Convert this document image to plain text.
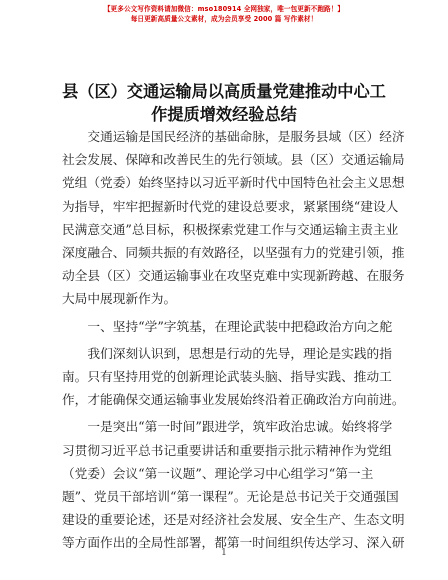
【更多公文写作资料请加微信：mso180914 全网独家，唯一包更新不跑路！】
每日更新高质量公文素材，成为会员享受 2000 篇 写作素材！
县（区）交通运输局以高质量党建推动中心工
作提质增效经验总结
交通运输是国民经济的基础命脉，是服务县域（区）经济
社会发展、保障和改善民生的先行领域。县（区）交通运输局
党组（党委）始终坚持以习近平新时代中国特色社会主义思想
为指导，牢牢把握新时代党的建设总要求，紧紧围绕“建设人
民满意交通”总目标，积极探索党建工作与交通运输主责主业
深度融合、同频共振的有效路径，以坚强有力的党建引领，推
动全县（区）交通运输事业在攻坚克难中实现新跨越、在服务
大局中展现新作为。
一、坚持“学”字筑基，在理论武装中把稳政治方向之舵
我们深刻认识到，思想是行动的先导，理论是实践的指
南。只有坚持用党的创新理论武装头脑、指导实践、推动工
作，才能确保交通运输事业发展始终沿着正确政治方向前进。
一是突出“第一时间”跟进学，筑牢政治忠诚。始终将学
习贯彻习近平总书记重要讲话和重要指示批示精神作为党组
（党委）会议“第一议题”、理论学习中心组学习“第一主
题”、党员干部培训“第一课程”。无论是总书记关于交通强国
建设的重要论述，还是对经济社会发展、安全生产、生态文明
等方面作出的全局性部署，都第一时间组织传达学习、深入研
1
